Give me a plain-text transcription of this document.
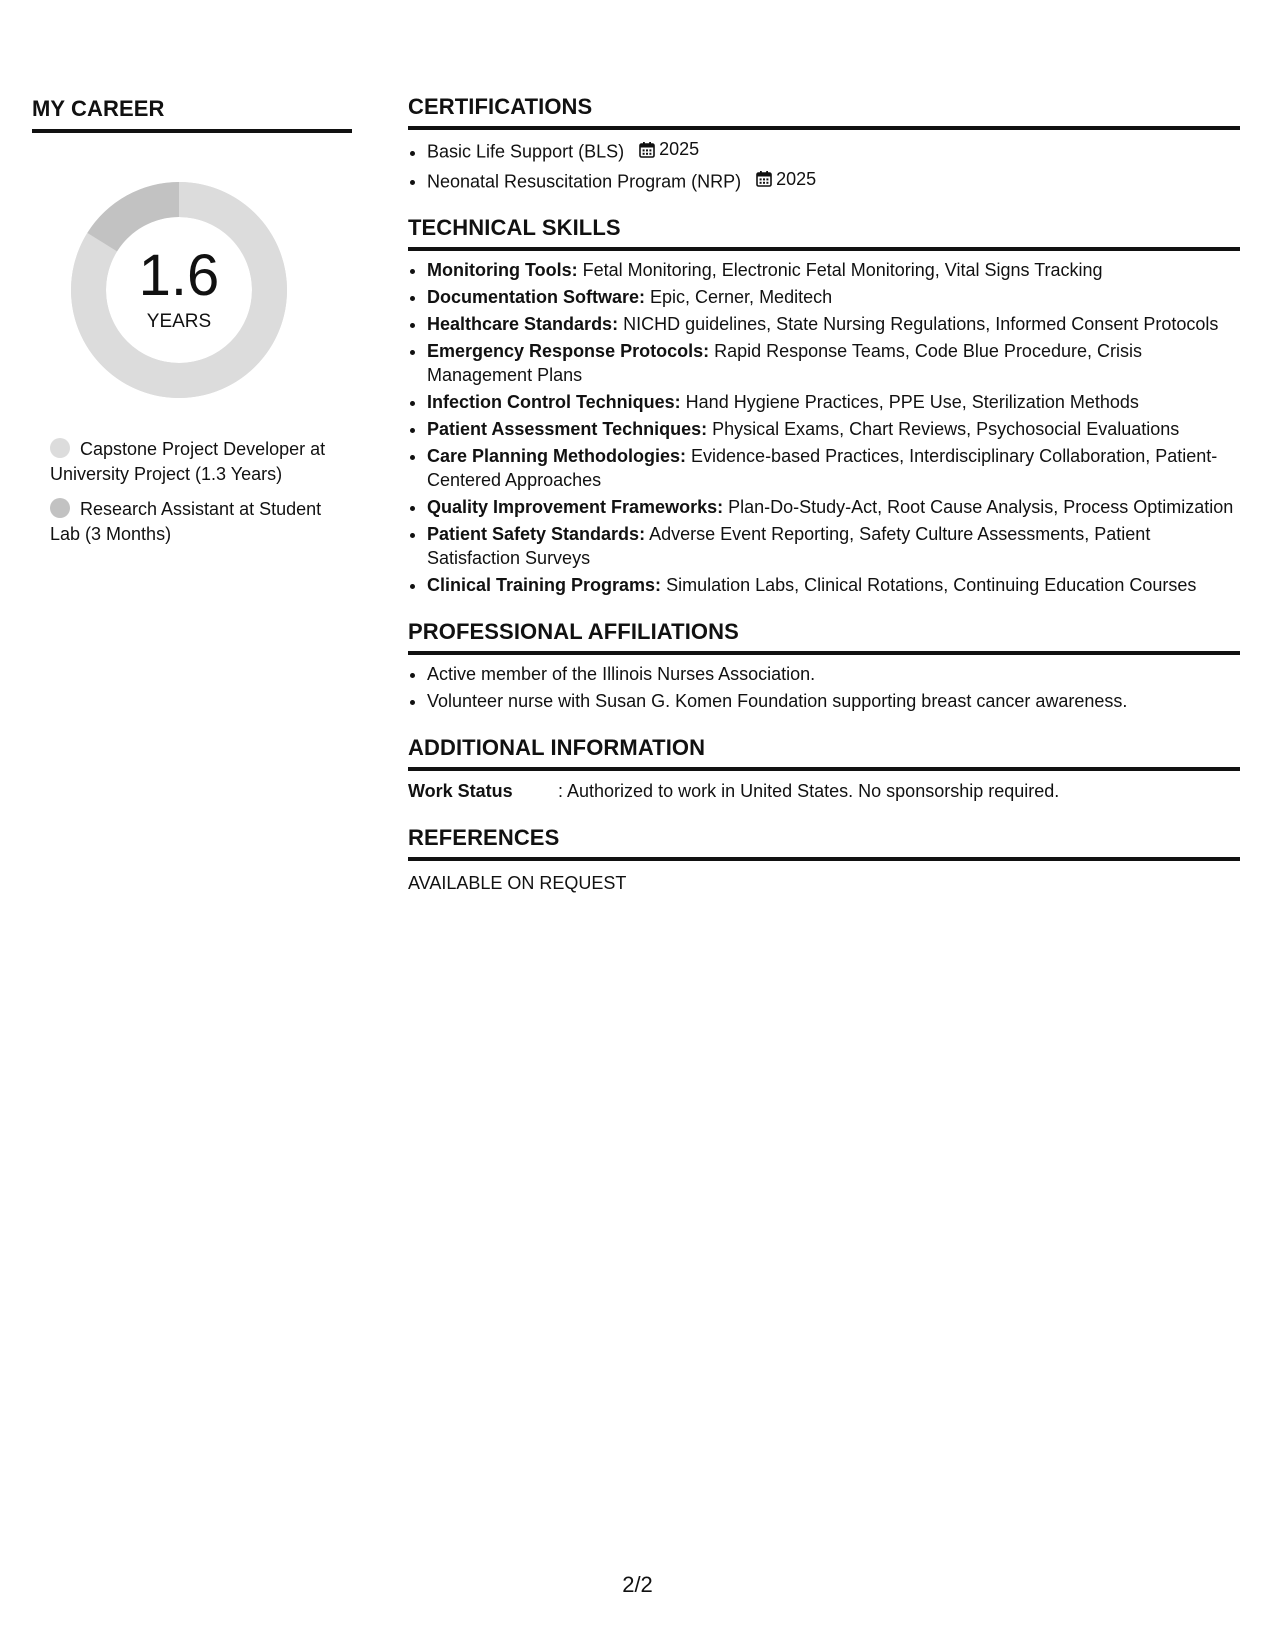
MY CAREER
1.6
YEARS
Capstone Project Developer at University Project (1.3 Years)
Research Assistant at Student Lab (3 Months)
CERTIFICATIONS
• Basic Life Support (BLS) 2025
• Neonatal Resuscitation Program (NRP) 2025
TECHNICAL SKILLS
• Monitoring Tools: Fetal Monitoring, Electronic Fetal Monitoring, Vital Signs Tracking
• Documentation Software: Epic, Cerner, Meditech
• Healthcare Standards: NICHD guidelines, State Nursing Regulations, Informed Consent Protocols
• Emergency Response Protocols: Rapid Response Teams, Code Blue Procedure, Crisis Management Plans
• Infection Control Techniques: Hand Hygiene Practices, PPE Use, Sterilization Methods
• Patient Assessment Techniques: Physical Exams, Chart Reviews, Psychosocial Evaluations
• Care Planning Methodologies: Evidence-based Practices, Interdisciplinary Collaboration, Patient-Centered Approaches
• Quality Improvement Frameworks: Plan-Do-Study-Act, Root Cause Analysis, Process Optimization
• Patient Safety Standards: Adverse Event Reporting, Safety Culture Assessments, Patient Satisfaction Surveys
• Clinical Training Programs: Simulation Labs, Clinical Rotations, Continuing Education Courses
PROFESSIONAL AFFILIATIONS
• Active member of the Illinois Nurses Association.
• Volunteer nurse with Susan G. Komen Foundation supporting breast cancer awareness.
ADDITIONAL INFORMATION
Work Status	: Authorized to work in United States. No sponsorship required.
REFERENCES
AVAILABLE ON REQUEST
2/2
